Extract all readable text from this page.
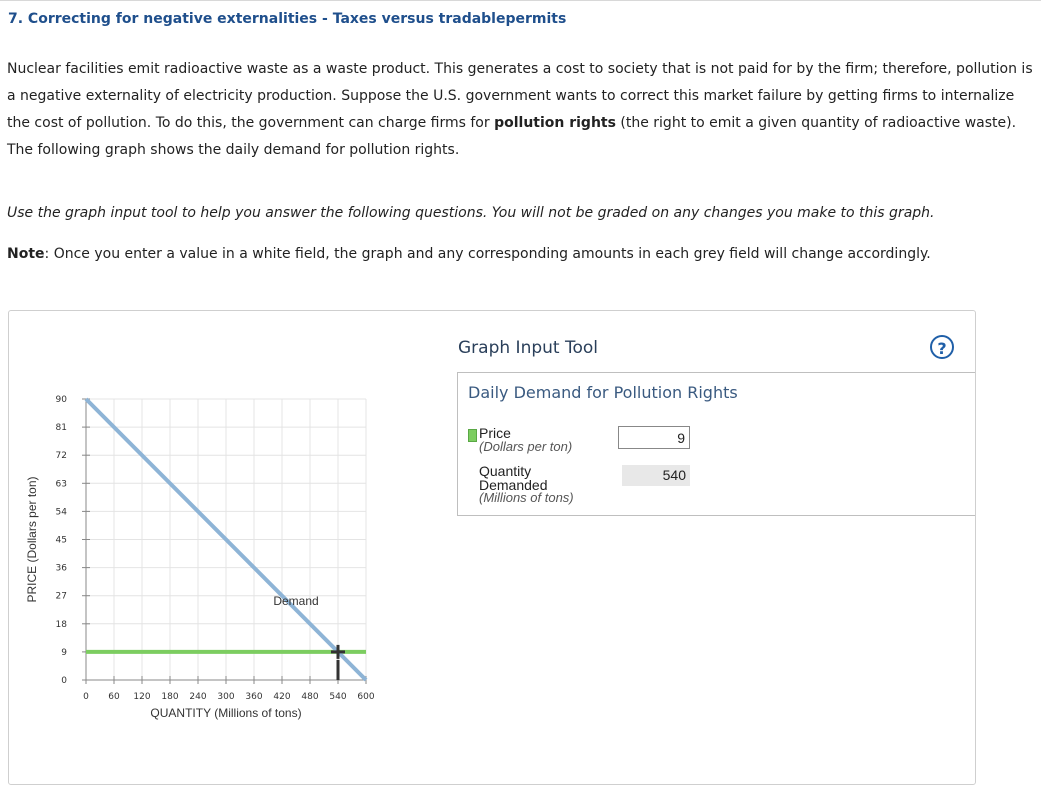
7. Correcting for negative externalities - Taxes versus tradablepermits
Nuclear facilities emit radioactive waste as a waste product. This generates a cost to society that is not paid for by the firm; therefore, pollution is a negative externality of electricity production. Suppose the U.S. government wants to correct this market failure by getting firms to internalize the cost of pollution. To do this, the government can charge firms for pollution rights (the right to emit a given quantity of radioactive waste). The following graph shows the daily demand for pollution rights.
Use the graph input tool to help you answer the following questions. You will not be graded on any changes you make to this graph.
Note: Once you enter a value in a white field, the graph and any corresponding amounts in each grey field will change accordingly.
0
9
18
27
36
45
54
63
72
81
90
0 60 120 180 240 300 360 420 480 540 600
QUANTITY (Millions of tons)
PRICE (Dollars per ton)	Demand
Graph Input Tool	?
Daily Demand for Pollution Rights
Price
(Dollars per ton)
9
Quantity
Demanded
(Millions of tons)
540
